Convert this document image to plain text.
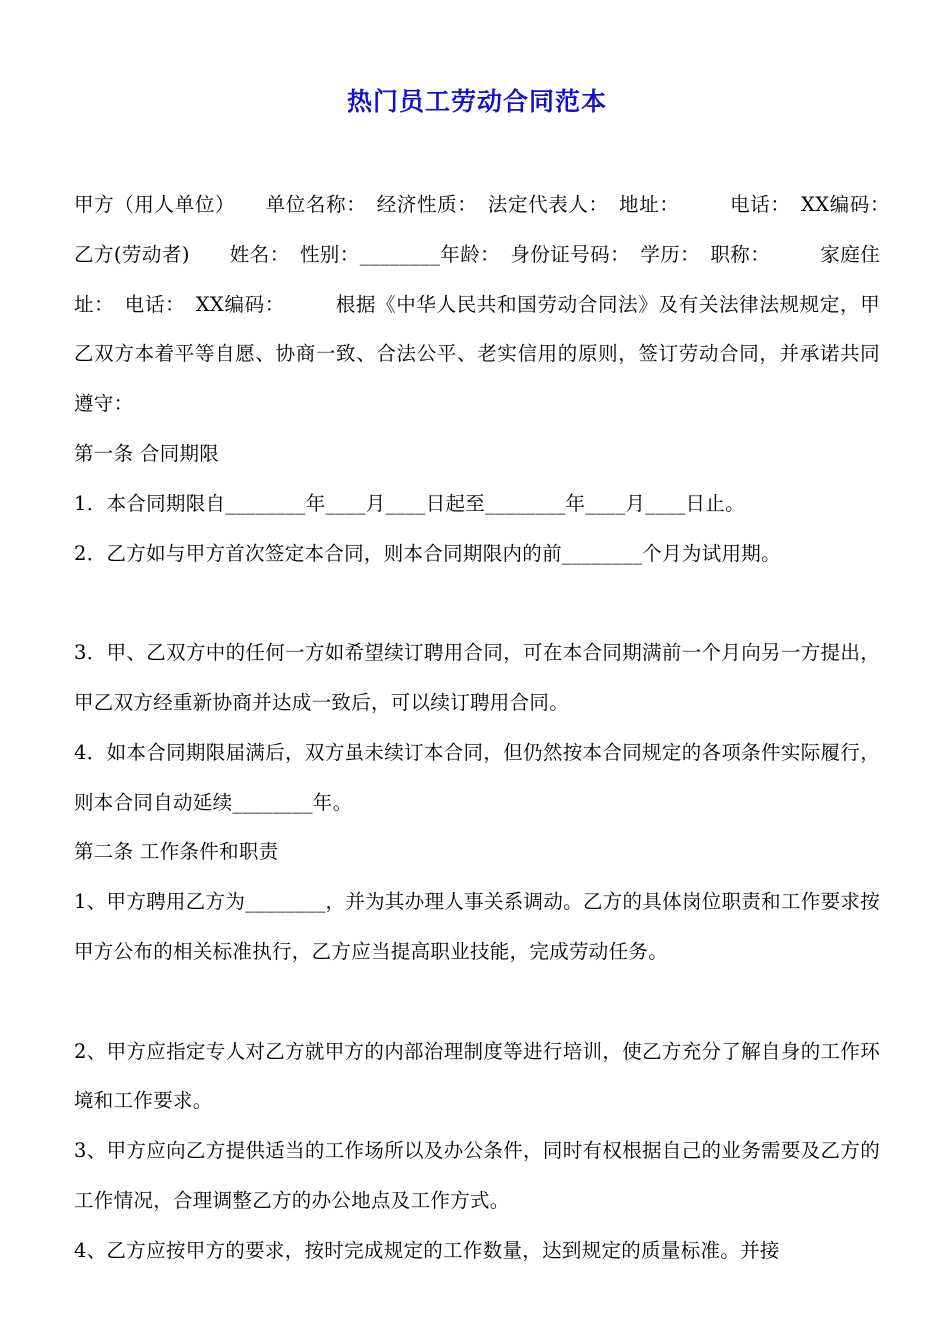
热门员工劳动合同范本

甲方（用人单位）　　单位名称：　经济性质：　法定代表人：　地址：　　　电话：　XX编码：　　　乙方(劳动者)　　姓名：　性别：________年龄：　身份证号码：　学历：　职称：　　　家庭住址：　电话：　XX编码：　　　根据《中华人民共和国劳动合同法》及有关法律法规规定，甲乙双方本着平等自愿、协商一致、合法公平、老实信用的原则，签订劳动合同，并承诺共同遵守：

第一条 合同期限

1．本合同期限自________年____月____日起至________年____月____日止。

2．乙方如与甲方首次签定本合同，则本合同期限内的前________个月为试用期。

3．甲、乙双方中的任何一方如希望续订聘用合同，可在本合同期满前一个月向另一方提出，甲乙双方经重新协商并达成一致后，可以续订聘用合同。

4．如本合同期限届满后，双方虽未续订本合同，但仍然按本合同规定的各项条件实际履行，则本合同自动延续________年。

第二条 工作条件和职责

1、甲方聘用乙方为________，并为其办理人事关系调动。乙方的具体岗位职责和工作要求按甲方公布的相关标准执行，乙方应当提高职业技能，完成劳动任务。

2、甲方应指定专人对乙方就甲方的内部治理制度等进行培训，使乙方充分了解自身的工作环境和工作要求。

3、甲方应向乙方提供适当的工作场所以及办公条件，同时有权根据自己的业务需要及乙方的工作情况，合理调整乙方的办公地点及工作方式。

4、乙方应按甲方的要求，按时完成规定的工作数量，达到规定的质量标准。并接
